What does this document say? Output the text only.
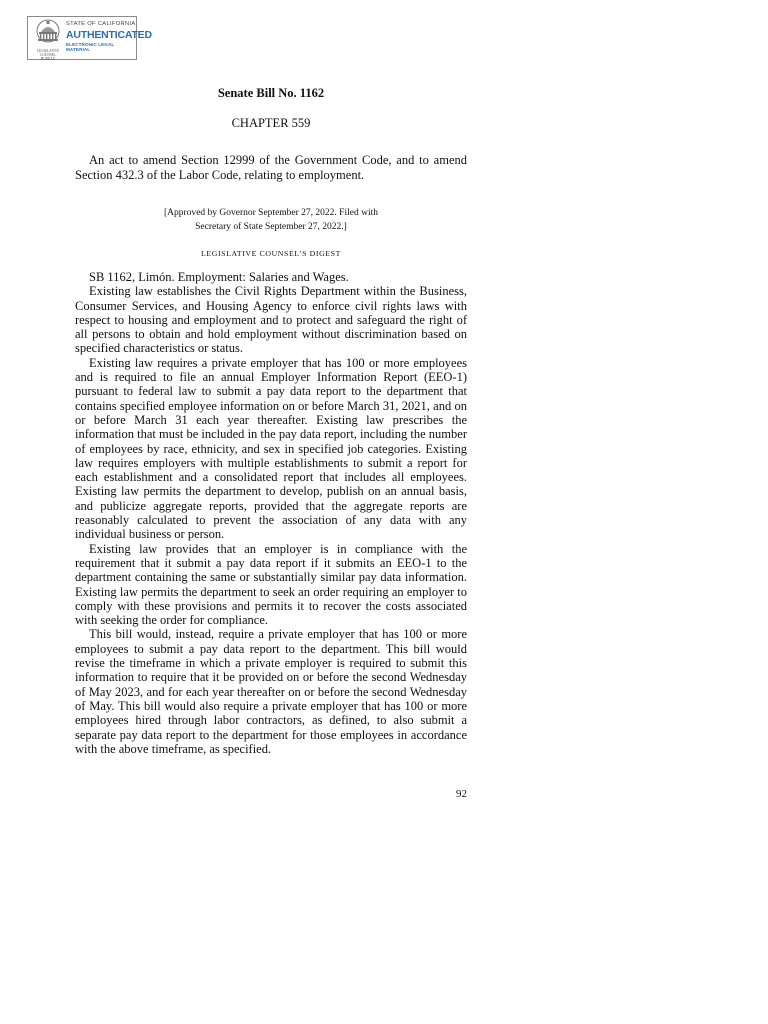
LEGISLATIVE COUNSEL BUREAU
STATE OF CALIFORNIA
AUTHENTICATED
ELECTRONIC LEGAL MATERIAL
Senate Bill No. 1162
CHAPTER 559
An act to amend Section 12999 of the Government Code, and to amend Section 432.3 of the Labor Code, relating to employment.
[Approved by Governor September 27, 2022. Filed with
Secretary of State September 27, 2022.]
LEGISLATIVE COUNSEL’S DIGEST

SB 1162, Limón. Employment: Salaries and Wages.

Existing law establishes the Civil Rights Department within the Business, Consumer Services, and Housing Agency to enforce civil rights laws with respect to housing and employment and to protect and safeguard the right of all persons to obtain and hold employment without discrimination based on specified characteristics or status.

Existing law requires a private employer that has 100 or more employees and is required to file an annual Employer Information Report (EEO-1) pursuant to federal law to submit a pay data report to the department that contains specified employee information on or before March 31, 2021, and on or before March 31 each year thereafter. Existing law prescribes the information that must be included in the pay data report, including the number of employees by race, ethnicity, and sex in specified job categories. Existing law requires employers with multiple establishments to submit a report for each establishment and a consolidated report that includes all employees. Existing law permits the department to develop, publish on an annual basis, and publicize aggregate reports, provided that the aggregate reports are reasonably calculated to prevent the association of any data with any individual business or person.

Existing law provides that an employer is in compliance with the requirement that it submit a pay data report if it submits an EEO-1 to the department containing the same or substantially similar pay data information. Existing law permits the department to seek an order requiring an employer to comply with these provisions and permits it to recover the costs associated with seeking the order for compliance.

This bill would, instead, require a private employer that has 100 or more employees to submit a pay data report to the department. This bill would revise the timeframe in which a private employer is required to submit this information to require that it be provided on or before the second Wednesday of May 2023, and for each year thereafter on or before the second Wednesday of May. This bill would also require a private employer that has 100 or more employees hired through labor contractors, as defined, to also submit a separate pay data report to the department for those employees in accordance with the above timeframe, as specified.

92
